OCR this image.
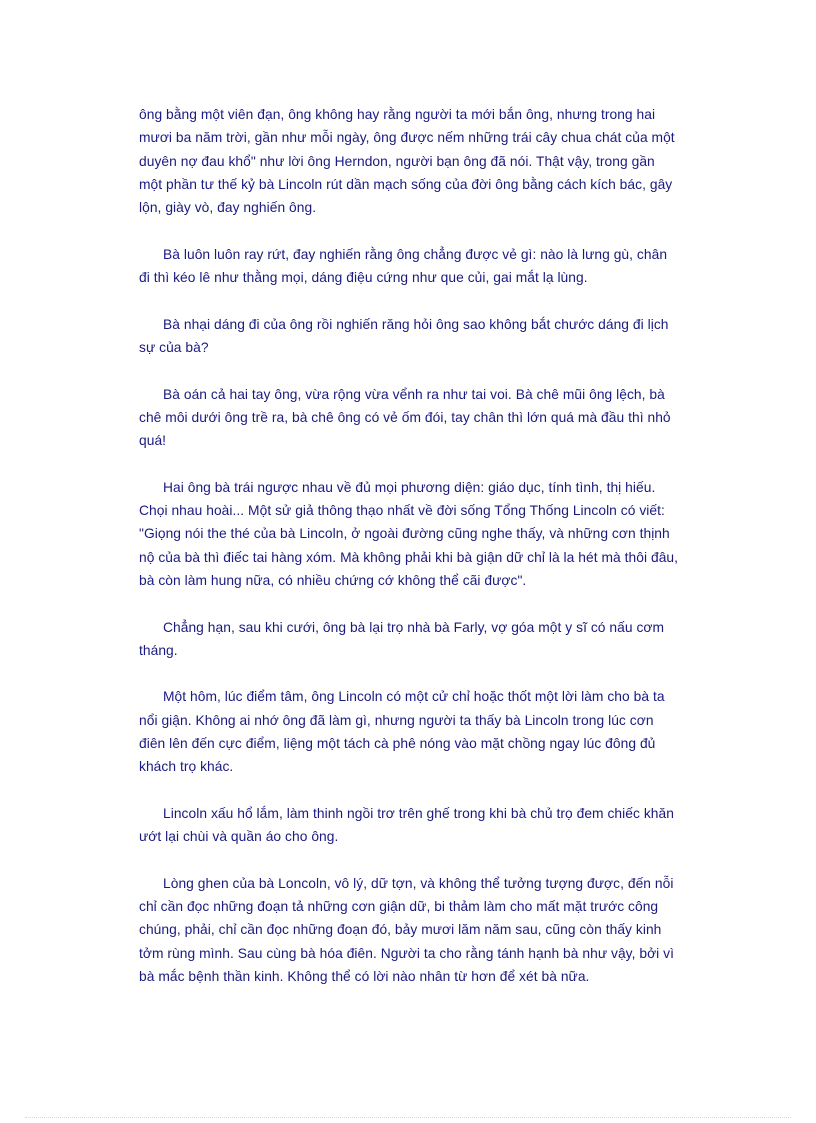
ông bằng một viên đạn, ông không hay rằng người ta mới bắn ông, nhưng trong hai mươi ba năm trời, gần như mỗi ngày, ông được nếm những trái cây chua chát của một duyên nợ đau khổ" như lời ông Herndon, người bạn ông đã nói. Thật vậy, trong gần một phần tư thế kỷ bà Lincoln rút dần mạch sống của đời ông bằng cách kích bác, gây lộn, giày vò, đay nghiến ông.

Bà luôn luôn ray rứt, đay nghiến rằng ông chẳng được vẻ gì: nào là lưng gù, chân đi thì kéo lê như thằng mọi, dáng điệu cứng như que củi, gai mắt lạ lùng.

Bà nhại dáng đi của ông rồi nghiến răng hỏi ông sao không bắt chước dáng đi lịch sự của bà?

Bà oán cả hai tay ông, vừa rộng vừa vểnh ra như tai voi. Bà chê mũi ông lệch, bà chê môi dưới ông trề ra, bà chê ông có vẻ ốm đói, tay chân thì lớn quá mà đầu thì nhỏ quá!

Hai ông bà trái ngược nhau về đủ mọi phương diện: giáo dục, tính tình, thị hiếu. Chọi nhau hoài... Một sử giả thông thạo nhất về đời sống Tổng Thống Lincoln có viết: "Giọng nói the thé của bà Lincoln, ở ngoài đường cũng nghe thấy, và những cơn thịnh nộ của bà thì điếc tai hàng xóm. Mà không phải khi bà giận dữ chỉ là la hét mà thôi đâu, bà còn làm hung nữa, có nhiều chứng cớ không thể cãi được".

Chẳng hạn, sau khi cưới, ông bà lại trọ nhà bà Farly, vợ góa một y sĩ có nấu cơm tháng.

Một hôm, lúc điểm tâm, ông Lincoln có một cử chỉ hoặc thốt một lời làm cho bà ta nổi giận. Không ai nhớ ông đã làm gì, nhưng người ta thấy bà Lincoln trong lúc cơn điên lên đến cực điểm, liệng một tách cà phê nóng vào mặt chồng ngay lúc đông đủ khách trọ khác.

Lincoln xấu hổ lắm, làm thinh ngồi trơ trên ghế trong khi bà chủ trọ đem chiếc khăn ướt lại chùi và quần áo cho ông.

Lòng ghen của bà Loncoln, vô lý, dữ tợn, và không thể tưởng tượng được, đến nỗi chỉ cần đọc những đoạn tả những cơn giận dữ, bi thảm làm cho mất mặt trước công chúng, phải, chỉ cần đọc những đoạn đó, bảy mươi lăm năm sau, cũng còn thấy kinh tởm rùng mình. Sau cùng bà hóa điên. Người ta cho rằng tánh hạnh bà như vậy, bởi vì bà mắc bệnh thần kinh. Không thể có lời nào nhân từ hơn để xét bà nữa.
